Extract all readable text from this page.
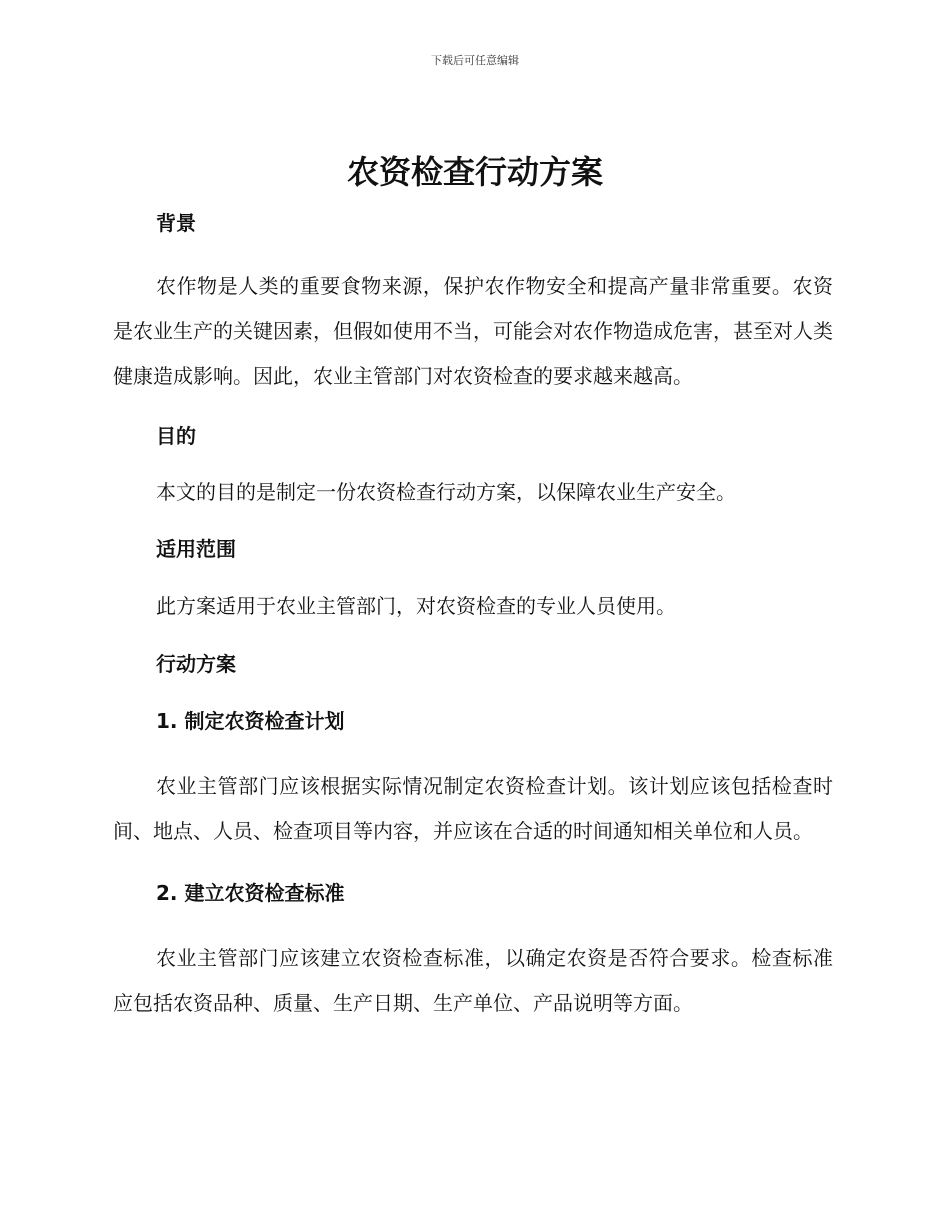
下载后可任意编辑
农资检查行动方案

背景

农作物是人类的重要食物来源，保护农作物安全和提高产量非常重要。农资是农业生产的关键因素，但假如使用不当，可能会对农作物造成危害，甚至对人类健康造成影响。因此，农业主管部门对农资检查的要求越来越高。

目的

本文的目的是制定一份农资检查行动方案，以保障农业生产安全。

适用范围

此方案适用于农业主管部门，对农资检查的专业人员使用。

行动方案

1. 制定农资检查计划

农业主管部门应该根据实际情况制定农资检查计划。该计划应该包括检查时间、地点、人员、检查项目等内容，并应该在合适的时间通知相关单位和人员。

2. 建立农资检查标准

农业主管部门应该建立农资检查标准，以确定农资是否符合要求。检查标准应包括农资品种、质量、生产日期、生产单位、产品说明等方面。
